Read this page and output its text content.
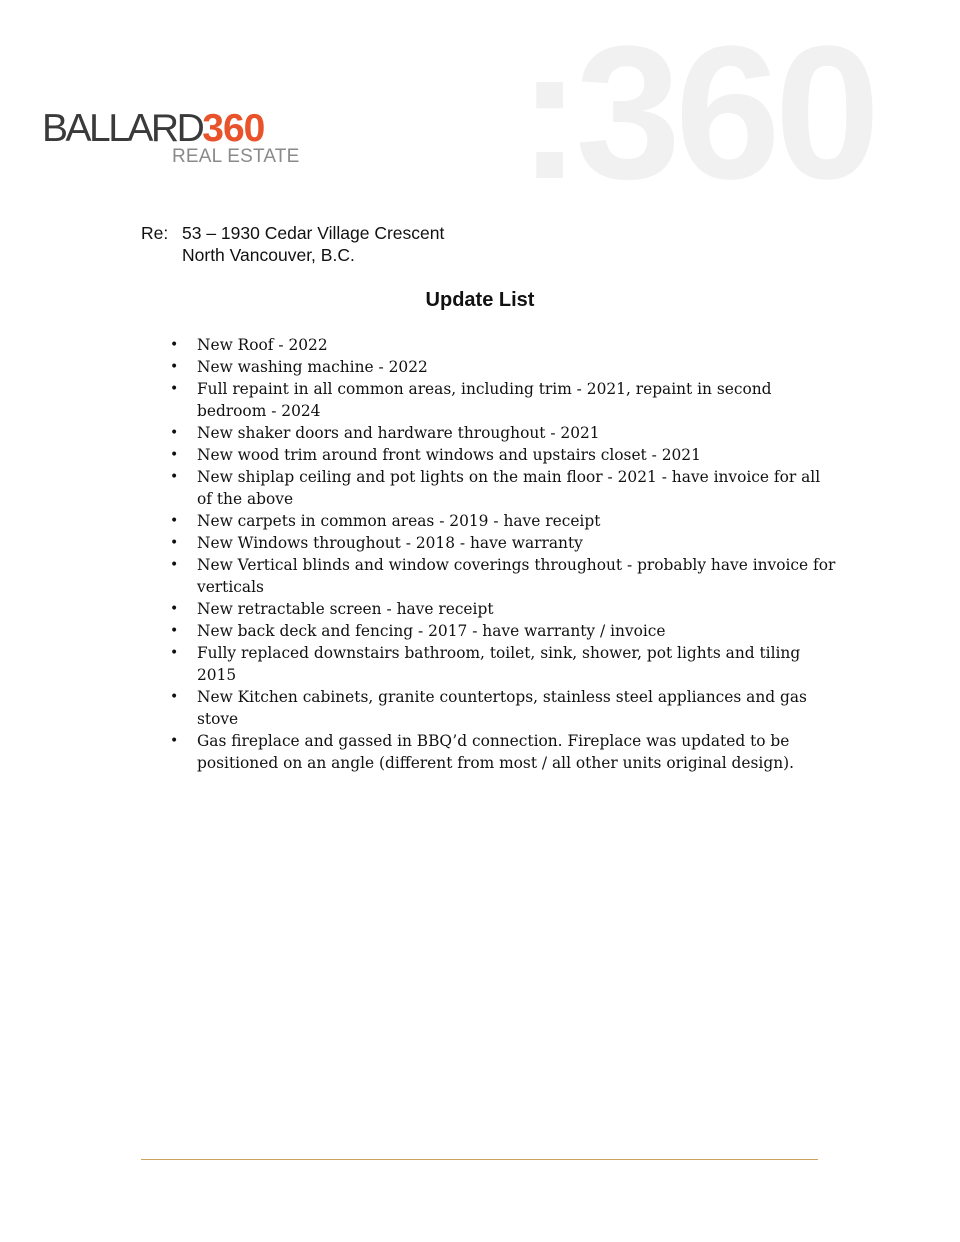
:360
BALLARD360
REAL ESTATE
Re: 53 – 1930 Cedar Village Crescent
North Vancouver, B.C.
Update List
• New Roof - 2022
• New washing machine - 2022
• Full repaint in all common areas, including trim - 2021, repaint in second bedroom - 2024
• New shaker doors and hardware throughout - 2021
• New wood trim around front windows and upstairs closet - 2021
• New shiplap ceiling and pot lights on the main floor - 2021 - have invoice for all of the above
• New carpets in common areas - 2019 - have receipt
• New Windows throughout - 2018 - have warranty
• New Vertical blinds and window coverings throughout - probably have invoice for verticals
• New retractable screen - have receipt
• New back deck and fencing - 2017 - have warranty / invoice
• Fully replaced downstairs bathroom, toilet, sink, shower, pot lights and tiling 2015
• New Kitchen cabinets, granite countertops, stainless steel appliances and gas stove
• Gas fireplace and gassed in BBQ’d connection. Fireplace was updated to be positioned on an angle (different from most / all other units original design).
